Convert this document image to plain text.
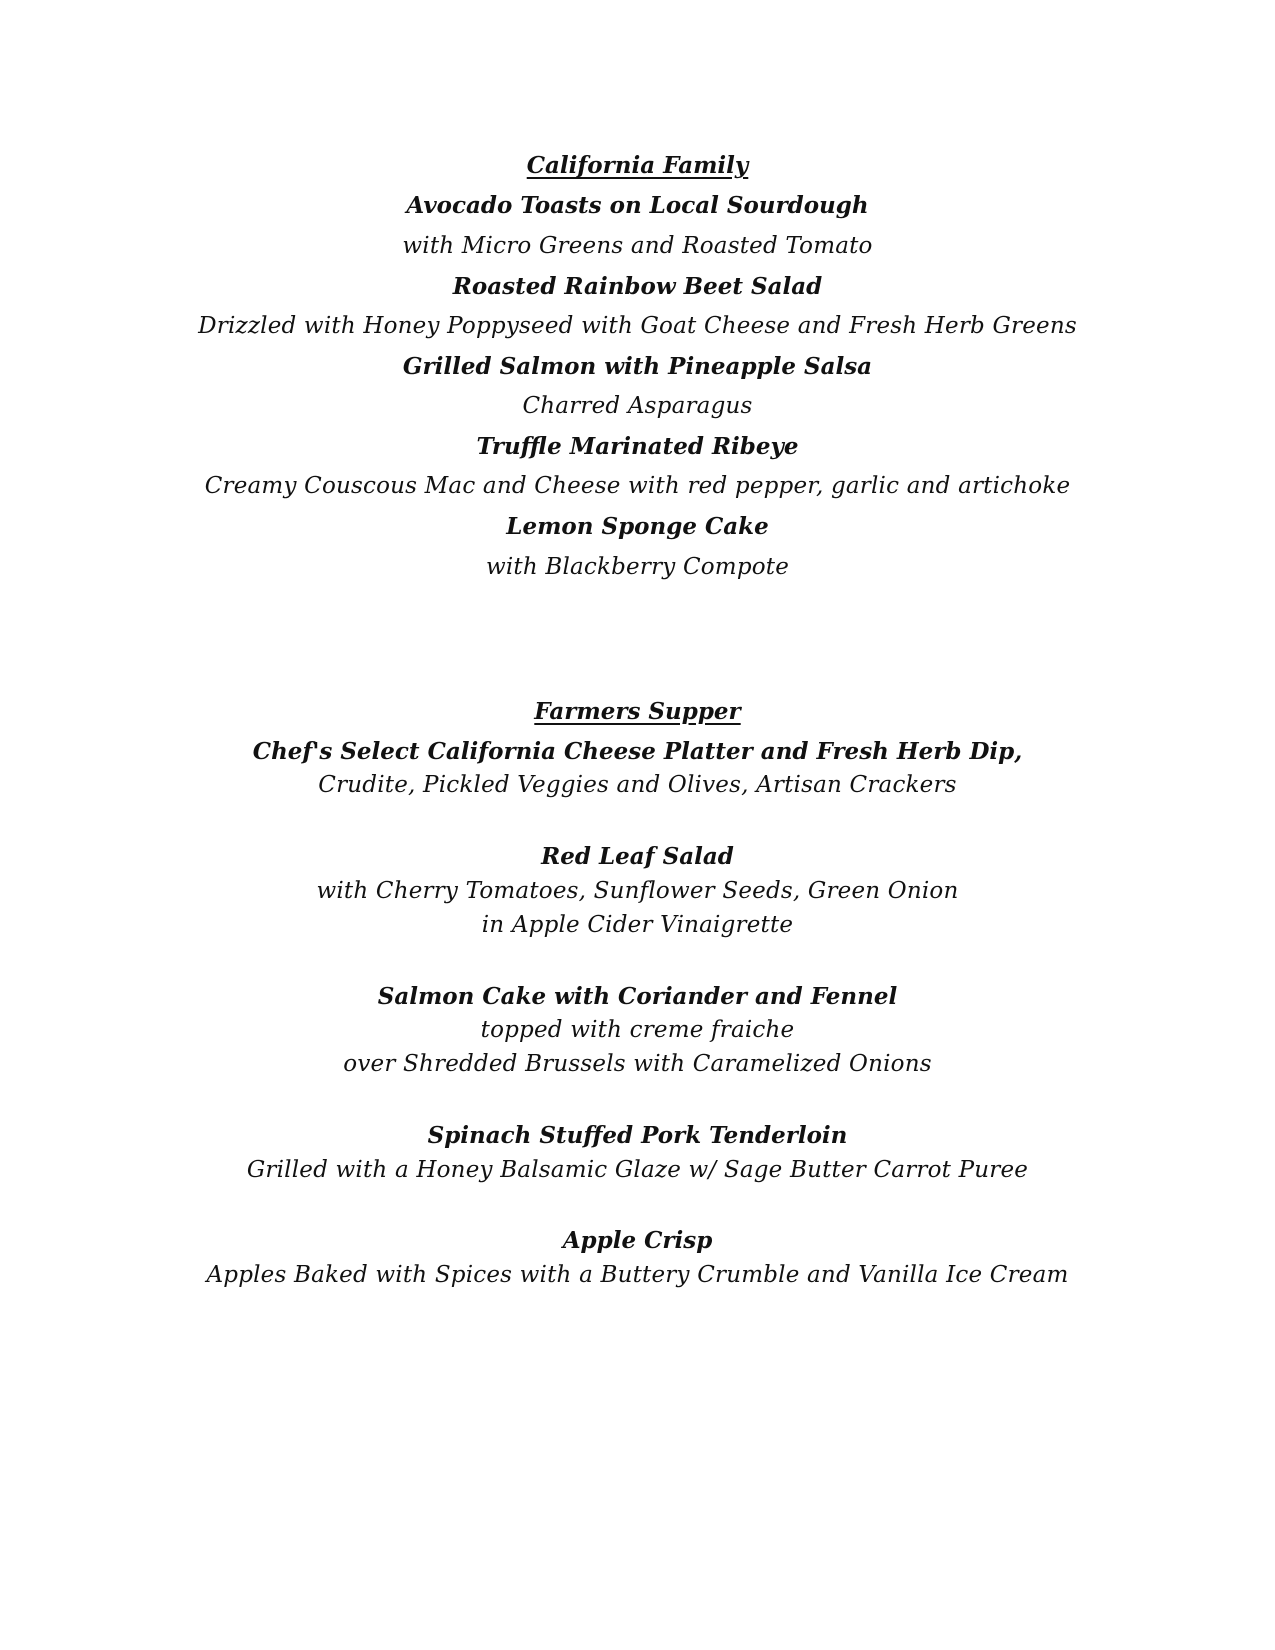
California Family
Avocado Toasts on Local Sourdough
with Micro Greens and Roasted Tomato
Roasted Rainbow Beet Salad
Drizzled with Honey Poppyseed with Goat Cheese and Fresh Herb Greens
Grilled Salmon with Pineapple Salsa
Charred Asparagus
Truffle Marinated Ribeye
Creamy Couscous Mac and Cheese with red pepper, garlic and artichoke
Lemon Sponge Cake
with Blackberry Compote
Farmers Supper
Chef's Select California Cheese Platter and Fresh Herb Dip,
Crudite, Pickled Veggies and Olives, Artisan Crackers
Red Leaf Salad
with Cherry Tomatoes, Sunflower Seeds, Green Onion
in Apple Cider Vinaigrette
Salmon Cake with Coriander and Fennel
topped with creme fraiche
over Shredded Brussels with Caramelized Onions
Spinach Stuffed Pork Tenderloin
Grilled with a Honey Balsamic Glaze w/ Sage Butter Carrot Puree
Apple Crisp
Apples Baked with Spices with a Buttery Crumble and Vanilla Ice Cream
